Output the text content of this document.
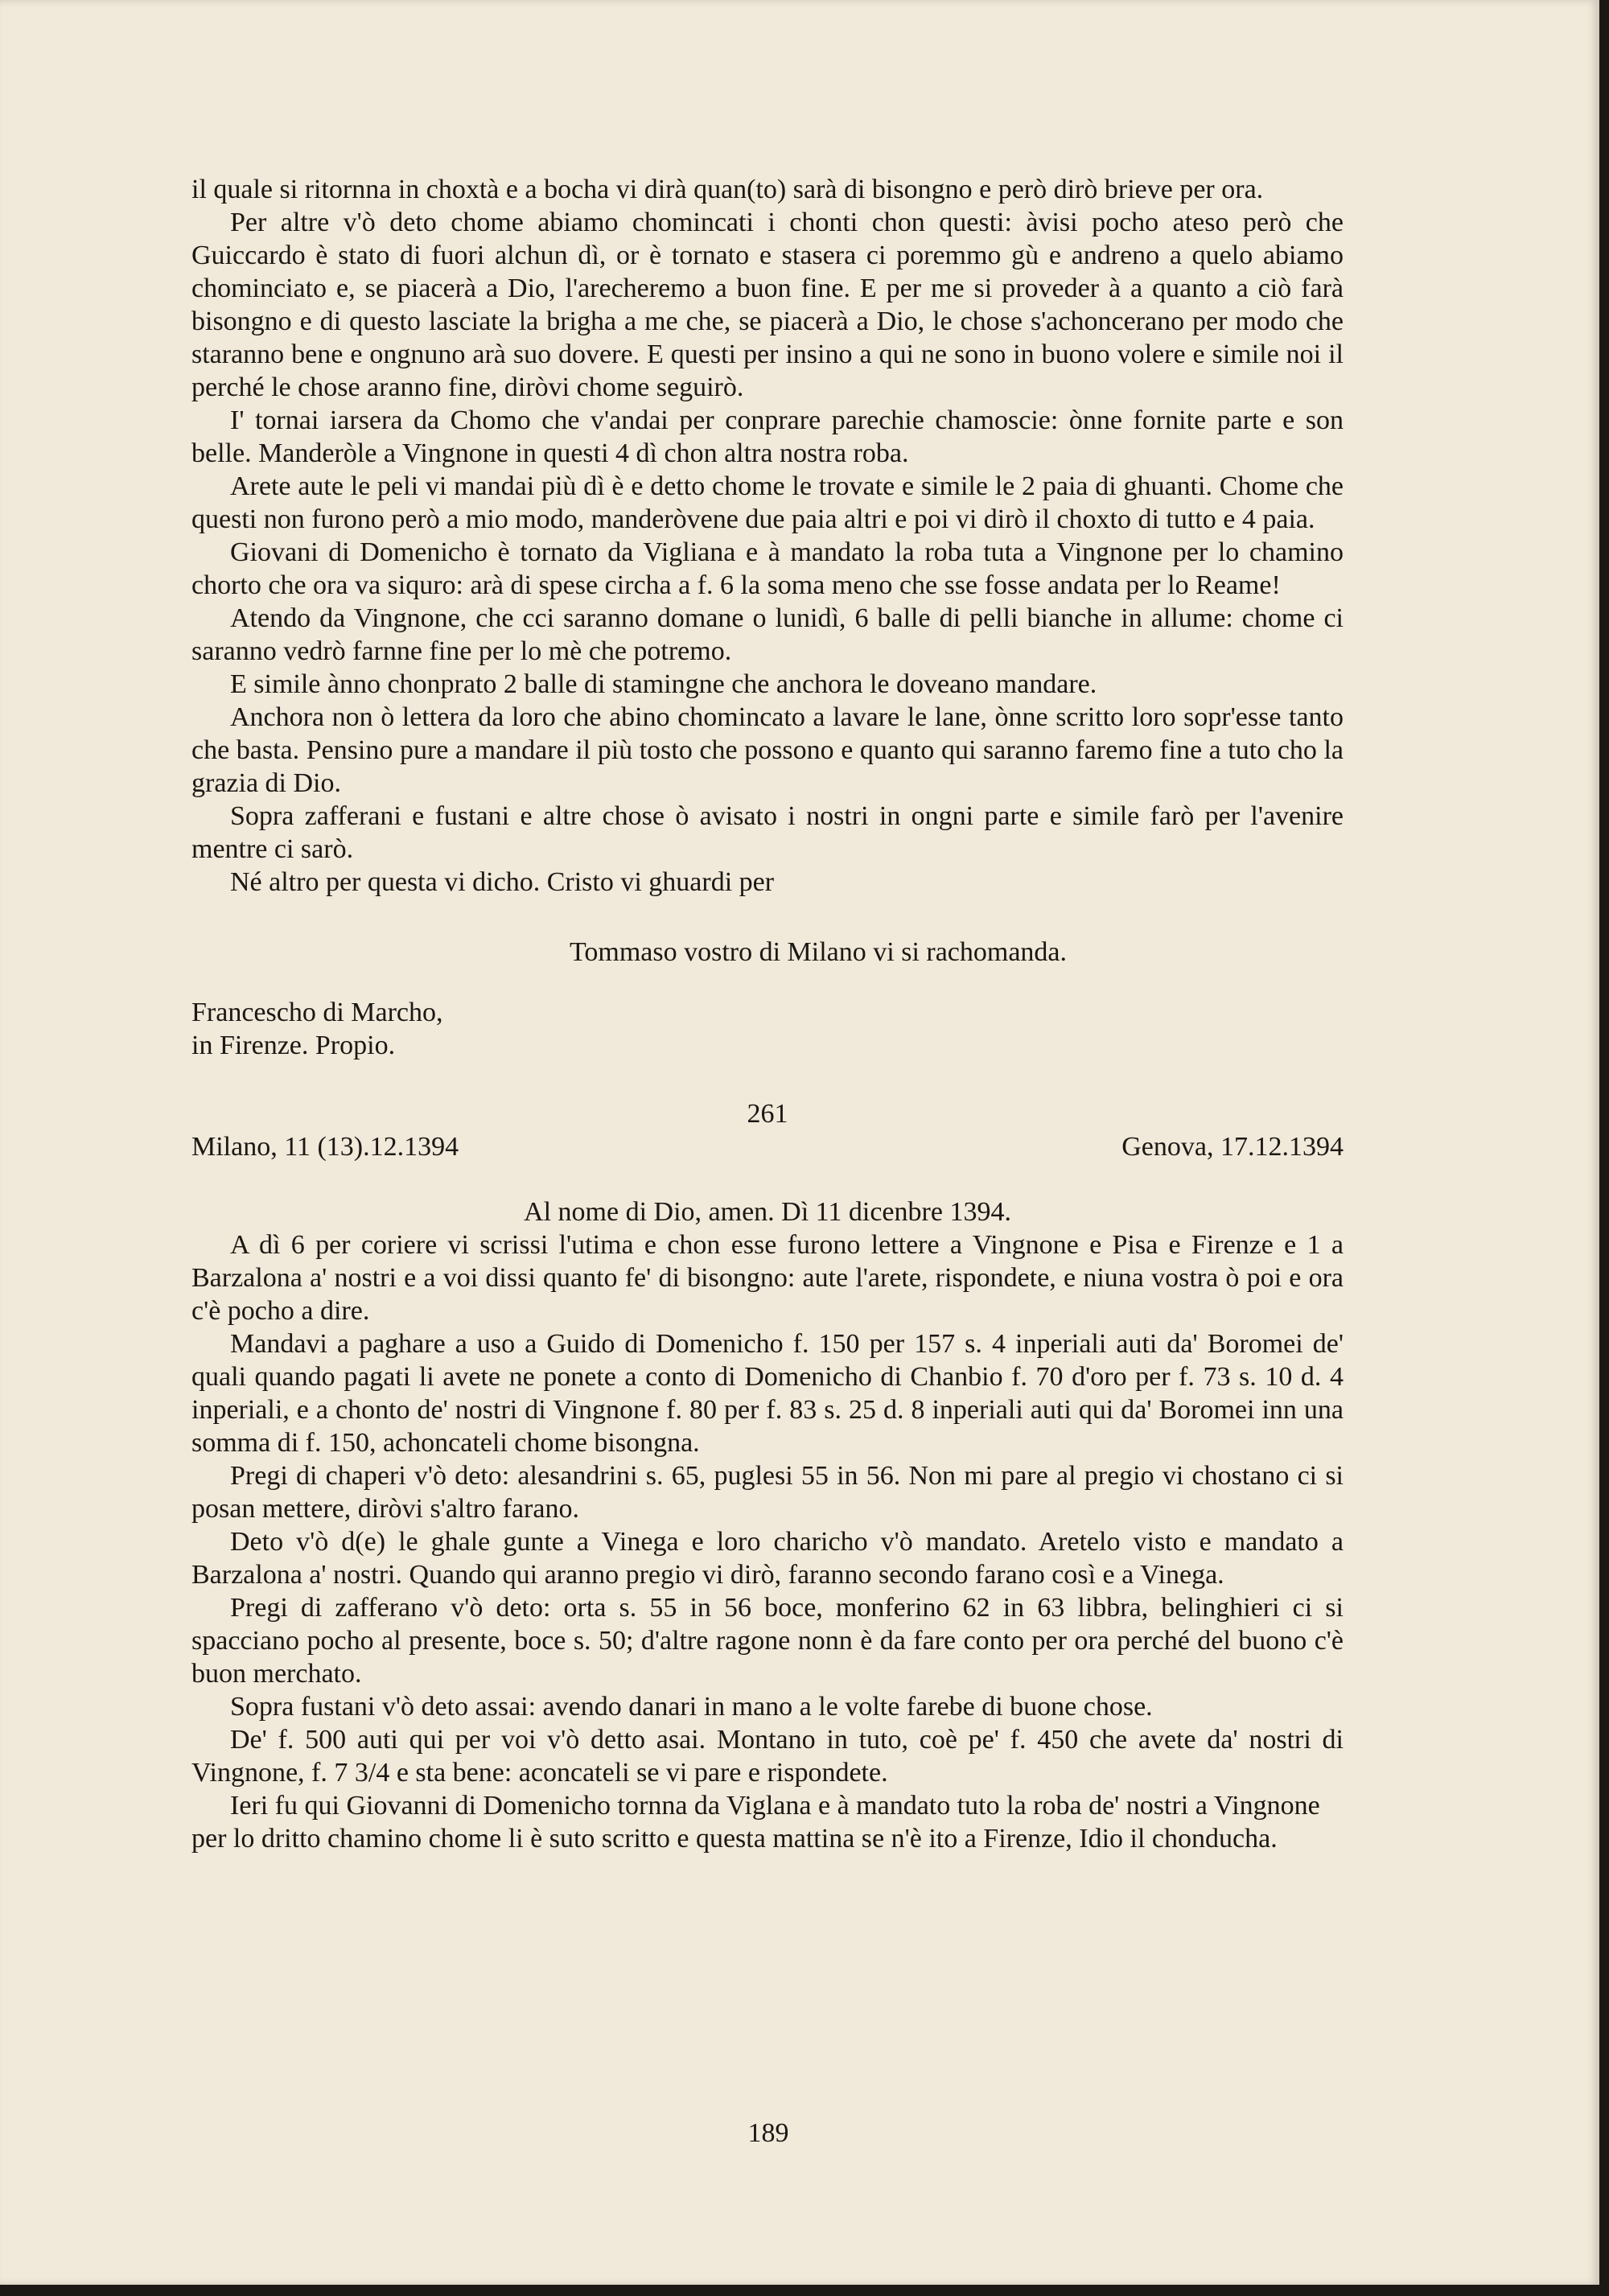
il quale si ritornna in choxtà e a bocha vi dirà quan(to) sarà di bisongno e però dirò brieve per ora.

Per altre v'ò deto chome abiamo chomincati i chonti chon questi: àvisi pocho ateso però che Guiccardo è stato di fuori alchun dì, or è tornato e stasera ci poremmo gù e andreno a quelo abiamo chominciato e, se piacerà a Dio, l'arecheremo a buon fine. E per me si proveder à a quanto a ciò farà bisongno e di questo lasciate la brigha a me che, se piacerà a Dio, le chose s'achoncerano per modo che staranno bene e ongnuno arà suo dovere. E questi per insino a qui ne sono in buono volere e simile noi il perché le chose aranno fine, diròvi chome seguirò.

I' tornai iarsera da Chomo che v'andai per conprare parechie chamoscie: ònne fornite parte e son belle. Manderòle a Vingnone in questi 4 dì chon altra nostra roba.

Arete aute le peli vi mandai più dì è e detto chome le trovate e simile le 2 paia di ghuanti. Chome che questi non furono però a mio modo, manderòvene due paia altri e poi vi dirò il choxto di tutto e 4 paia.

Giovani di Domenicho è tornato da Vigliana e à mandato la roba tuta a Vingnone per lo chamino chorto che ora va siquro: arà di spese circha a f. 6 la soma meno che sse fosse andata per lo Reame!

Atendo da Vingnone, che cci saranno domane o lunidì, 6 balle di pelli bianche in allume: chome ci saranno vedrò farnne fine per lo mè che potremo.

E simile ànno chonprato 2 balle di stamingne che anchora le doveano mandare.

Anchora non ò lettera da loro che abino chomincato a lavare le lane, ònne scritto loro sopr'esse tanto che basta. Pensino pure a mandare il più tosto che possono e quanto qui saranno faremo fine a tuto cho la grazia di Dio.

Sopra zafferani e fustani e altre chose ò avisato i nostri in ongni parte e simile farò per l'avenire mentre ci sarò.

Né altro per questa vi dicho. Cristo vi ghuardi per

Tommaso vostro di Milano vi si rachomanda.

Francescho di Marcho,
in Firenze. Propio.

261

Milano, 11 (13).12.1394	Genova, 17.12.1394

Al nome di Dio, amen. Dì 11 dicenbre 1394.

A dì 6 per coriere vi scrissi l'utima e chon esse furono lettere a Vingnone e Pisa e Firenze e 1 a Barzalona a' nostri e a voi dissi quanto fe' di bisongno: aute l'arete, rispondete, e niuna vostra ò poi e ora c'è pocho a dire.

Mandavi a paghare a uso a Guido di Domenicho f. 150 per 157 s. 4 inperiali auti da' Boromei de' quali quando pagati li avete ne ponete a conto di Domenicho di Chanbio f. 70 d'oro per f. 73 s. 10 d. 4 inperiali, e a chonto de' nostri di Vingnone f. 80 per f. 83 s. 25 d. 8 inperiali auti qui da' Boromei inn una somma di f. 150, achoncateli chome bisongna.

Pregi di chaperi v'ò deto: alesandrini s. 65, puglesi 55 in 56. Non mi pare al pregio vi chostano ci si posan mettere, diròvi s'altro farano.

Deto v'ò d(e) le ghale gunte a Vinega e loro charicho v'ò mandato. Aretelo visto e mandato a Barzalona a' nostri. Quando qui aranno pregio vi dirò, faranno secondo farano così e a Vinega.

Pregi di zafferano v'ò deto: orta s. 55 in 56 boce, monferino 62 in 63 libbra, belinghieri ci si spacciano pocho al presente, boce s. 50; d'altre ragone nonn è da fare conto per ora perché del buono c'è buon merchato.

Sopra fustani v'ò deto assai: avendo danari in mano a le volte farebe di buone chose.

De' f. 500 auti qui per voi v'ò detto asai. Montano in tuto, coè pe' f. 450 che avete da' nostri di Vingnone, f. 7 3/4 e sta bene: aconcateli se vi pare e rispondete.

Ieri fu qui Giovanni di Domenicho tornna da Viglana e à mandato tuto la roba de' nostri a Vingnone per lo dritto chamino chome li è suto scritto e questa mattina se n'è ito a Firenze, Idio il chonducha.

189
